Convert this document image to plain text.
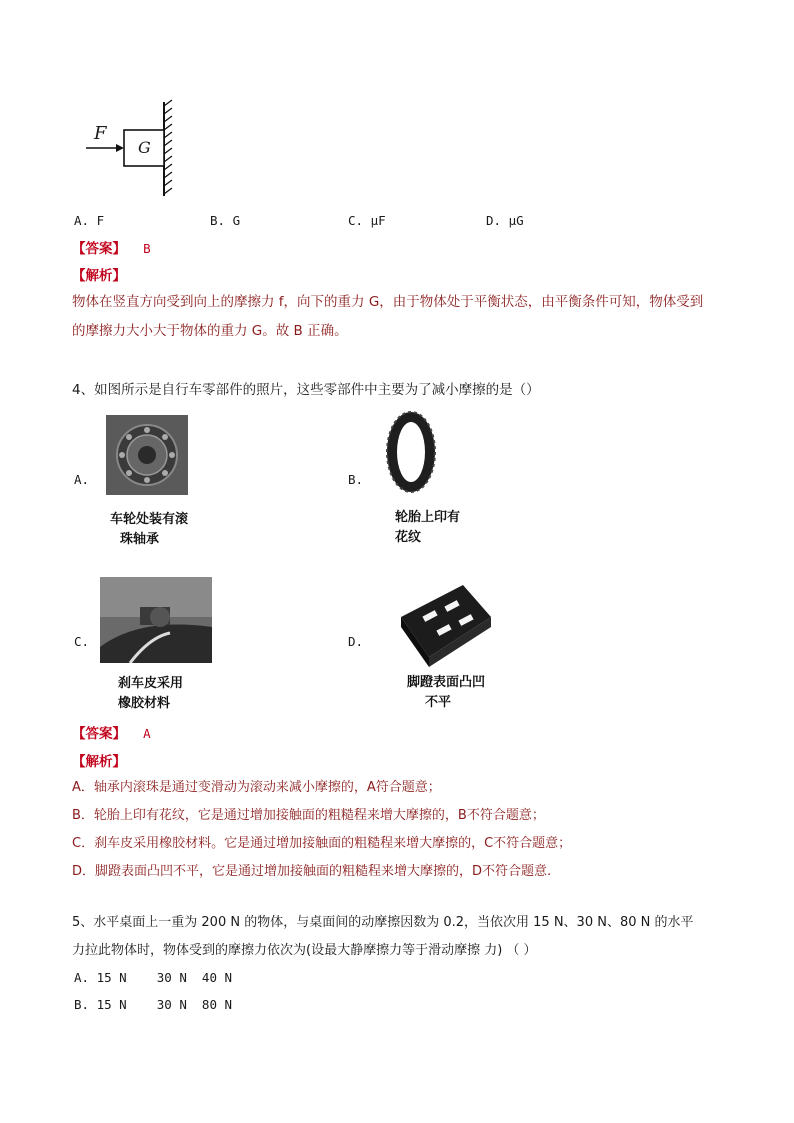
F
G
A. F	B. G	C. μF	D. μG
【答案】 B
【解析】
物体在竖直方向受到向上的摩擦力 f，向下的重力 G，由于物体处于平衡状态，由平衡条件可知，物体受到
的摩擦力大小大于物体的重力 G。故 B 正确。
4、如图所示是自行车零部件的照片，这些零部件中主要为了减小摩擦的是（）
A.
车轮处装有滚
珠轴承
B.
轮胎上印有
花纹
C.
刹车皮采用
橡胶材料
D.
脚蹬表面凸凹
不平
【答案】 A
【解析】
A．轴承内滚珠是通过变滑动为滚动来减小摩擦的，A符合题意；
B．轮胎上印有花纹，它是通过增加接触面的粗糙程来增大摩擦的，B不符合题意；
C．刹车皮采用橡胶材料。它是通过增加接触面的粗糙程来增大摩擦的，C不符合题意；
D．脚蹬表面凸凹不平，它是通过增加接触面的粗糙程来增大摩擦的，D不符合题意.
5、水平桌面上一重为 200 N 的物体，与桌面间的动摩擦因数为 0.2，当依次用 15 N、30 N、80 N 的水平
力拉此物体时，物体受到的摩擦力依次为(设最大静摩擦力等于滑动摩擦 力) （ ）
A. 15 N    30 N  40 N
B. 15 N    30 N  80 N
